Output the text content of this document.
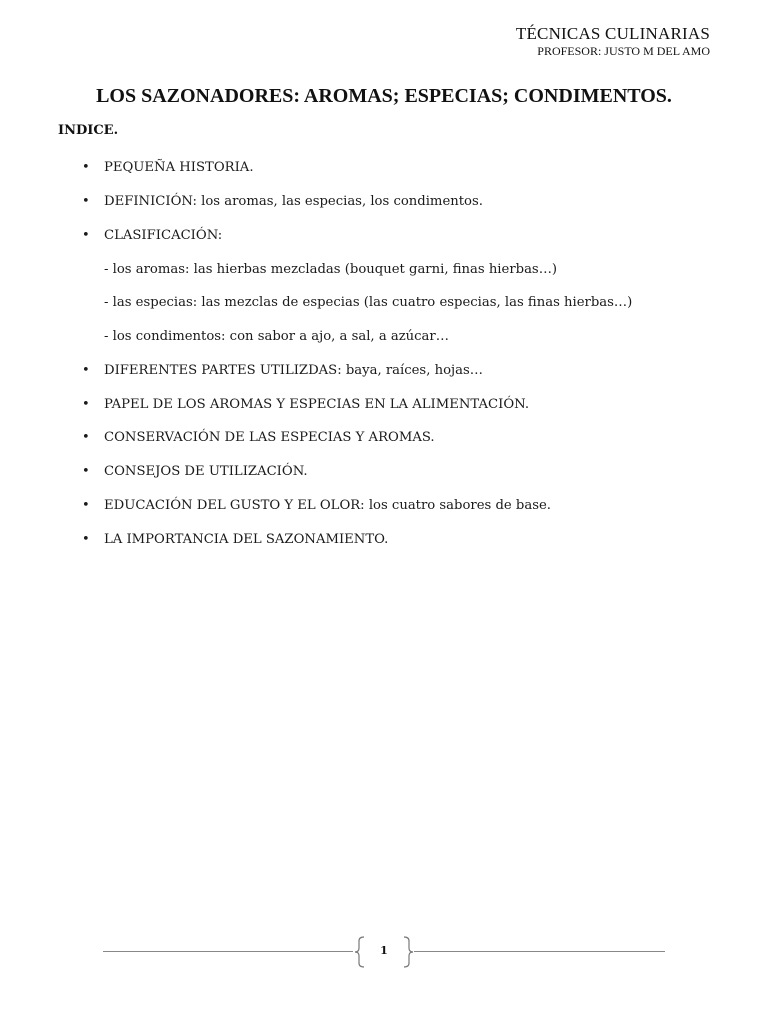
TÉCNICAS CULINARIAS
PROFESOR: JUSTO M DEL AMO
LOS SAZONADORES: AROMAS; ESPECIAS; CONDIMENTOS.
INDICE.
• PEQUEÑA HISTORIA.
• DEFINICIÓN: los aromas, las especias, los condimentos.
• CLASIFICACIÓN:
- los aromas: las hierbas mezcladas (bouquet garni, finas hierbas…)
- las especias: las mezclas de especias (las cuatro especias, las finas hierbas…)
- los condimentos: con sabor a ajo, a sal, a azúcar…
• DIFERENTES PARTES UTILIZDAS: baya, raíces, hojas…
• PAPEL DE LOS AROMAS Y ESPECIAS EN LA ALIMENTACIÓN.
• CONSERVACIÓN DE LAS ESPECIAS Y AROMAS.
• CONSEJOS DE UTILIZACIÓN.
• EDUCACIÓN DEL GUSTO Y EL OLOR: los cuatro sabores de base.
• LA IMPORTANCIA DEL SAZONAMIENTO.
1
